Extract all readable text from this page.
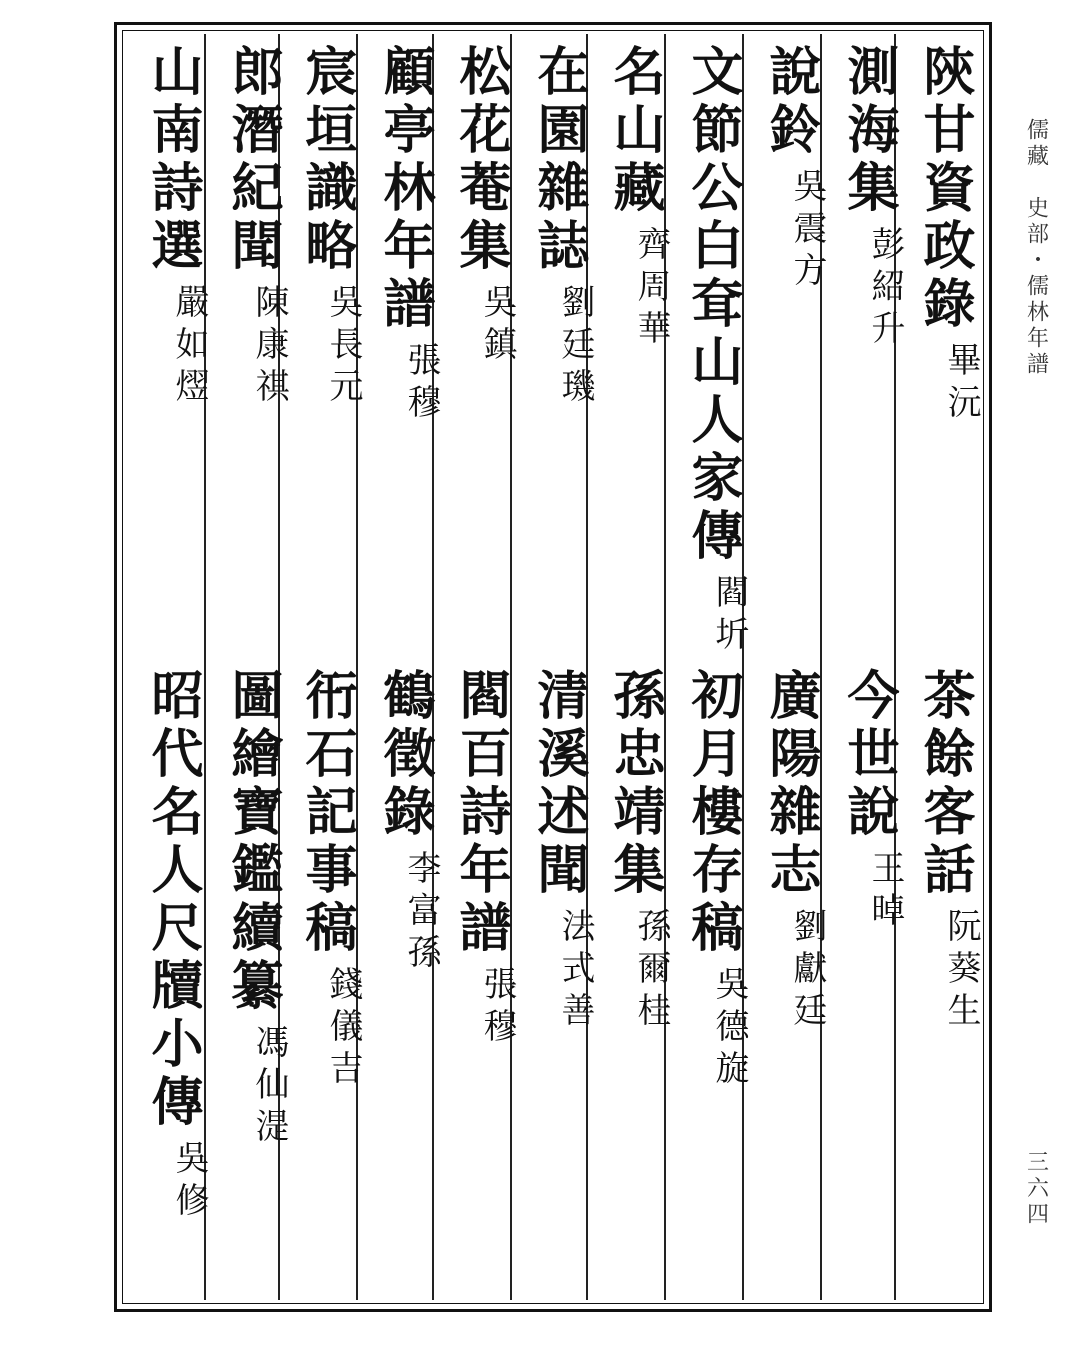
陝甘資政錄
畢沅
茶餘客話
阮葵生
測海集
彭紹升
今世說
王晫
說鈴
吳震方
廣陽雜志
劉獻廷
文節公白耷山人家傳
閻圻
初月樓存稿
吳德旋
名山藏
齊周華
孫忠靖集
孫爾桂
在園雜誌
劉廷璣
清溪述聞
法式善
松花菴集
吳鎮
閻百詩年譜
張穆
顧亭林年譜
張穆
鶴徵錄
李富孫
宸垣識略
吳長元
衎石記事稿
錢儀吉
郎潛紀聞
陳康祺
圖繪寶鑑續纂
馮仙湜
山南詩選
嚴如熤
昭代名人尺牘小傳
吳修
儒藏
史部・儒林年譜
三六四
